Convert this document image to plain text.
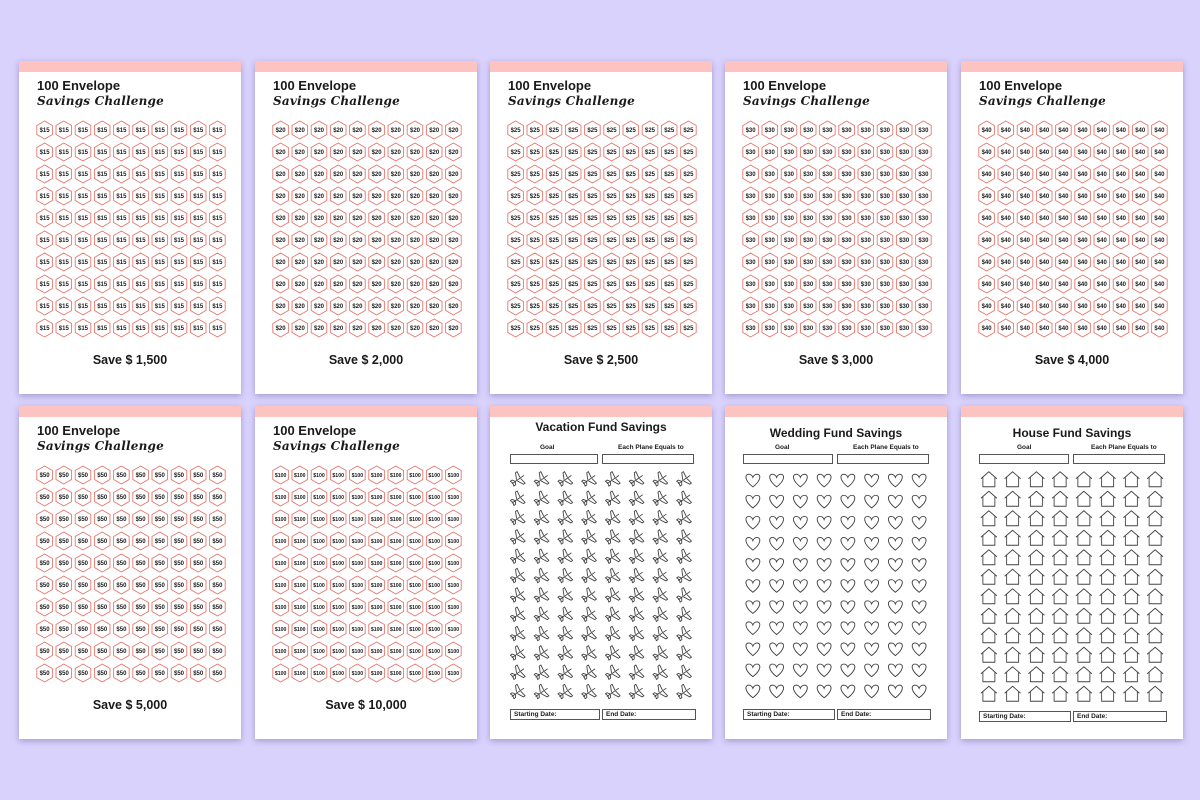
100 Envelope
Savings Challenge
$15 $15 $15 $15 $15 $15 $15 $15 $15 $15
$15 $15 $15 $15 $15 $15 $15 $15 $15 $15
$15 $15 $15 $15 $15 $15 $15 $15 $15 $15
$15 $15 $15 $15 $15 $15 $15 $15 $15 $15
$15 $15 $15 $15 $15 $15 $15 $15 $15 $15
$15 $15 $15 $15 $15 $15 $15 $15 $15 $15
$15 $15 $15 $15 $15 $15 $15 $15 $15 $15
$15 $15 $15 $15 $15 $15 $15 $15 $15 $15
$15 $15 $15 $15 $15 $15 $15 $15 $15 $15
$15 $15 $15 $15 $15 $15 $15 $15 $15 $15
Save $ 1,500
100 Envelope
Savings Challenge
$20 $20 $20 $20 $20 $20 $20 $20 $20 $20
$20 $20 $20 $20 $20 $20 $20 $20 $20 $20
$20 $20 $20 $20 $20 $20 $20 $20 $20 $20
$20 $20 $20 $20 $20 $20 $20 $20 $20 $20
$20 $20 $20 $20 $20 $20 $20 $20 $20 $20
$20 $20 $20 $20 $20 $20 $20 $20 $20 $20
$20 $20 $20 $20 $20 $20 $20 $20 $20 $20
$20 $20 $20 $20 $20 $20 $20 $20 $20 $20
$20 $20 $20 $20 $20 $20 $20 $20 $20 $20
$20 $20 $20 $20 $20 $20 $20 $20 $20 $20
Save $ 2,000
100 Envelope
Savings Challenge
$25 $25 $25 $25 $25 $25 $25 $25 $25 $25
$25 $25 $25 $25 $25 $25 $25 $25 $25 $25
$25 $25 $25 $25 $25 $25 $25 $25 $25 $25
$25 $25 $25 $25 $25 $25 $25 $25 $25 $25
$25 $25 $25 $25 $25 $25 $25 $25 $25 $25
$25 $25 $25 $25 $25 $25 $25 $25 $25 $25
$25 $25 $25 $25 $25 $25 $25 $25 $25 $25
$25 $25 $25 $25 $25 $25 $25 $25 $25 $25
$25 $25 $25 $25 $25 $25 $25 $25 $25 $25
$25 $25 $25 $25 $25 $25 $25 $25 $25 $25
Save $ 2,500
100 Envelope
Savings Challenge
$30 $30 $30 $30 $30 $30 $30 $30 $30 $30
$30 $30 $30 $30 $30 $30 $30 $30 $30 $30
$30 $30 $30 $30 $30 $30 $30 $30 $30 $30
$30 $30 $30 $30 $30 $30 $30 $30 $30 $30
$30 $30 $30 $30 $30 $30 $30 $30 $30 $30
$30 $30 $30 $30 $30 $30 $30 $30 $30 $30
$30 $30 $30 $30 $30 $30 $30 $30 $30 $30
$30 $30 $30 $30 $30 $30 $30 $30 $30 $30
$30 $30 $30 $30 $30 $30 $30 $30 $30 $30
$30 $30 $30 $30 $30 $30 $30 $30 $30 $30
Save $ 3,000
100 Envelope
Savings Challenge
$40 $40 $40 $40 $40 $40 $40 $40 $40 $40
$40 $40 $40 $40 $40 $40 $40 $40 $40 $40
$40 $40 $40 $40 $40 $40 $40 $40 $40 $40
$40 $40 $40 $40 $40 $40 $40 $40 $40 $40
$40 $40 $40 $40 $40 $40 $40 $40 $40 $40
$40 $40 $40 $40 $40 $40 $40 $40 $40 $40
$40 $40 $40 $40 $40 $40 $40 $40 $40 $40
$40 $40 $40 $40 $40 $40 $40 $40 $40 $40
$40 $40 $40 $40 $40 $40 $40 $40 $40 $40
$40 $40 $40 $40 $40 $40 $40 $40 $40 $40
Save $ 4,000
100 Envelope
Savings Challenge
$50 $50 $50 $50 $50 $50 $50 $50 $50 $50
$50 $50 $50 $50 $50 $50 $50 $50 $50 $50
$50 $50 $50 $50 $50 $50 $50 $50 $50 $50
$50 $50 $50 $50 $50 $50 $50 $50 $50 $50
$50 $50 $50 $50 $50 $50 $50 $50 $50 $50
$50 $50 $50 $50 $50 $50 $50 $50 $50 $50
$50 $50 $50 $50 $50 $50 $50 $50 $50 $50
$50 $50 $50 $50 $50 $50 $50 $50 $50 $50
$50 $50 $50 $50 $50 $50 $50 $50 $50 $50
$50 $50 $50 $50 $50 $50 $50 $50 $50 $50
Save $ 5,000
100 Envelope
Savings Challenge
$100 $100 $100 $100 $100 $100 $100 $100 $100 $100
$100 $100 $100 $100 $100 $100 $100 $100 $100 $100
$100 $100 $100 $100 $100 $100 $100 $100 $100 $100
$100 $100 $100 $100 $100 $100 $100 $100 $100 $100
$100 $100 $100 $100 $100 $100 $100 $100 $100 $100
$100 $100 $100 $100 $100 $100 $100 $100 $100 $100
$100 $100 $100 $100 $100 $100 $100 $100 $100 $100
$100 $100 $100 $100 $100 $100 $100 $100 $100 $100
$100 $100 $100 $100 $100 $100 $100 $100 $100 $100
$100 $100 $100 $100 $100 $100 $100 $100 $100 $100
Save $ 10,000
Vacation Fund Savings
Goal	Each Plane Equals to
Starting Date:	End Date:
Wedding Fund Savings
Goal	Each Plane Equals to
Starting Date:	End Date:
House Fund Savings
Goal	Each Plane Equals to
Starting Date:	End Date:
